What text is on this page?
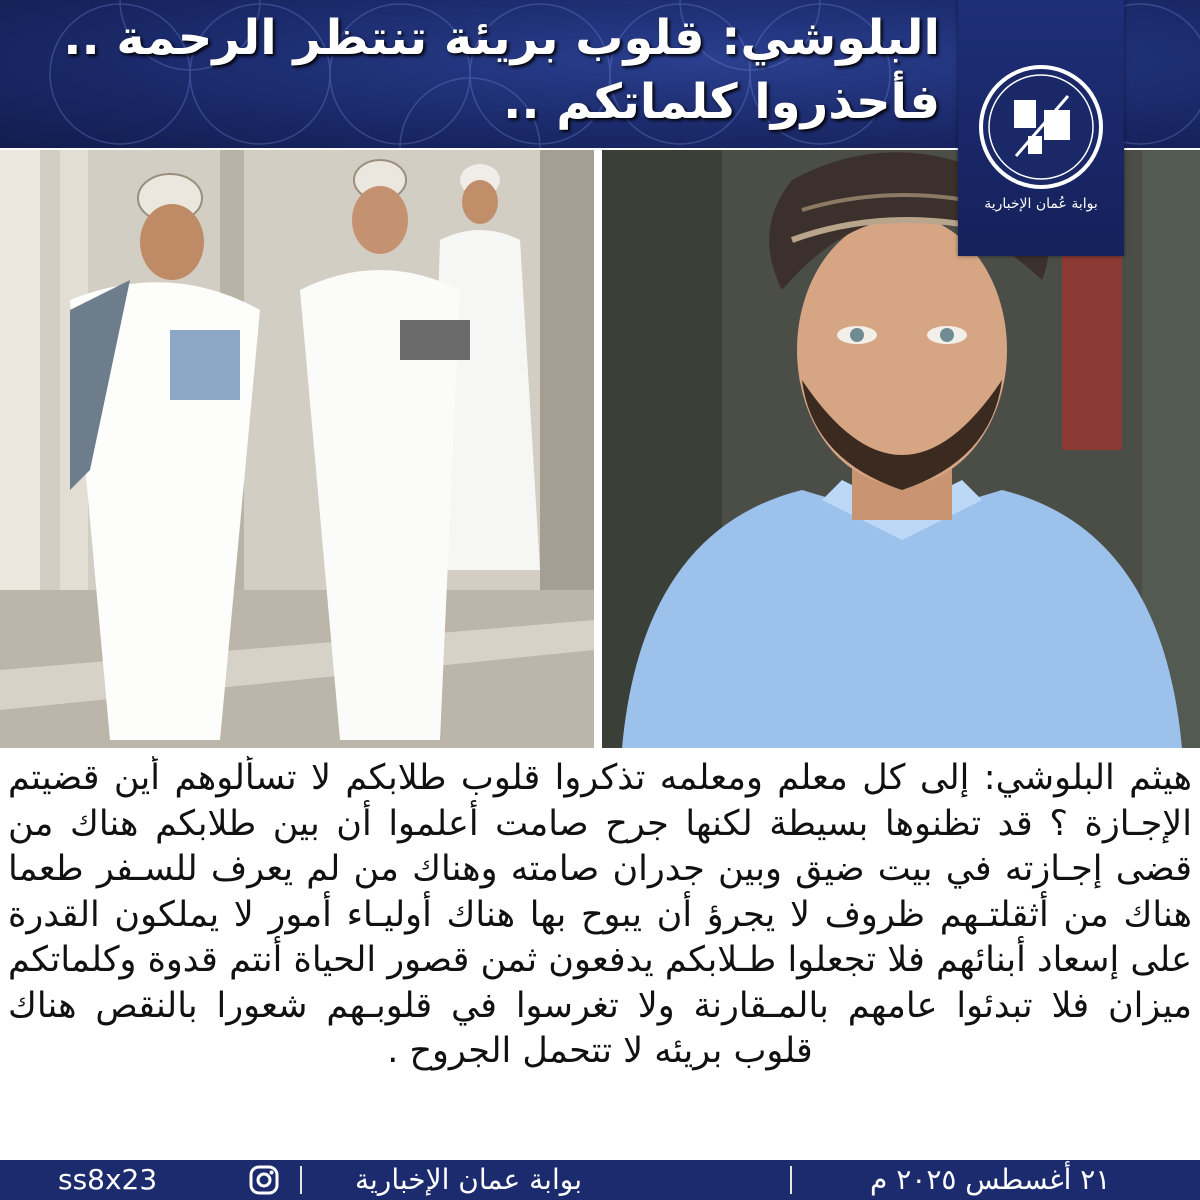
البلوشي: قلوب بريئة تنتظر الرحمة ..
فأحذروا كلماتكم ..
بوابة عُمان الإخبارية

هيثم البلوشي: إلى كل معلم ومعلمه تذكروا قلوب طلابكم لا تسألوهم أين قضيتم الإجـازة ؟ قد تظنوها بسيطة لكنها جرح صامت أعلموا أن بين طلابكم هناك من قضى إجـازته في بيت ضيق وبين جدران صامته وهناك من لم يعرف للسـفر طعما هناك من أثقلتـهم ظروف لا يجرؤ أن يبوح بها هناك أوليـاء أمور لا يملكون القدرة على إسعاد أبنائهم فلا تجعلوا طـلابكم يدفعون ثمن قصور الحياة أنتم قدوة وكلماتكم ميزان فلا تبدئوا عامهم بالمـقارنة ولا تغرسوا في قلوبـهم شعورا بالنقص هناك قلوب بريئه لا تتحمل الجروح .

ss8x23	بوابة عمان الإخبارية	٢١ أغسطس ٢٠٢٥ م
